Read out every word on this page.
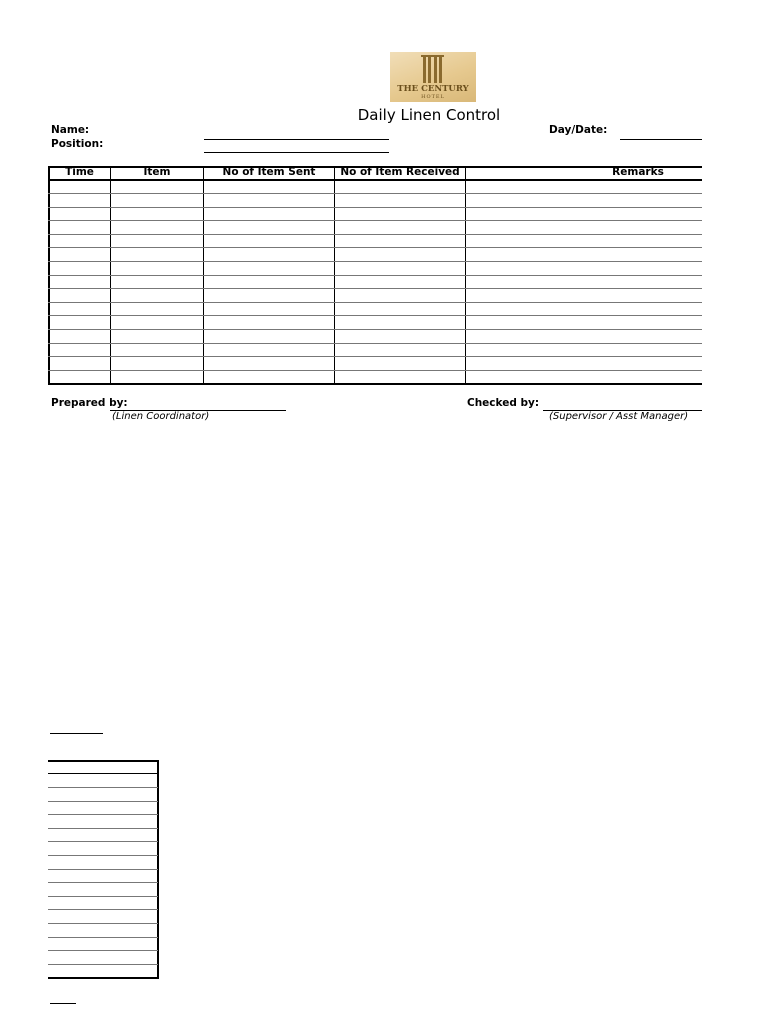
THE CENTURY
HOTEL
Daily Linen Control
Name:
Position:
Day/Date:
Time	Item	No of Item Sent	No of Item Received	Remarks
Prepared by:
(Linen Coordinator)
Checked by:
(Supervisor / Asst Manager)
